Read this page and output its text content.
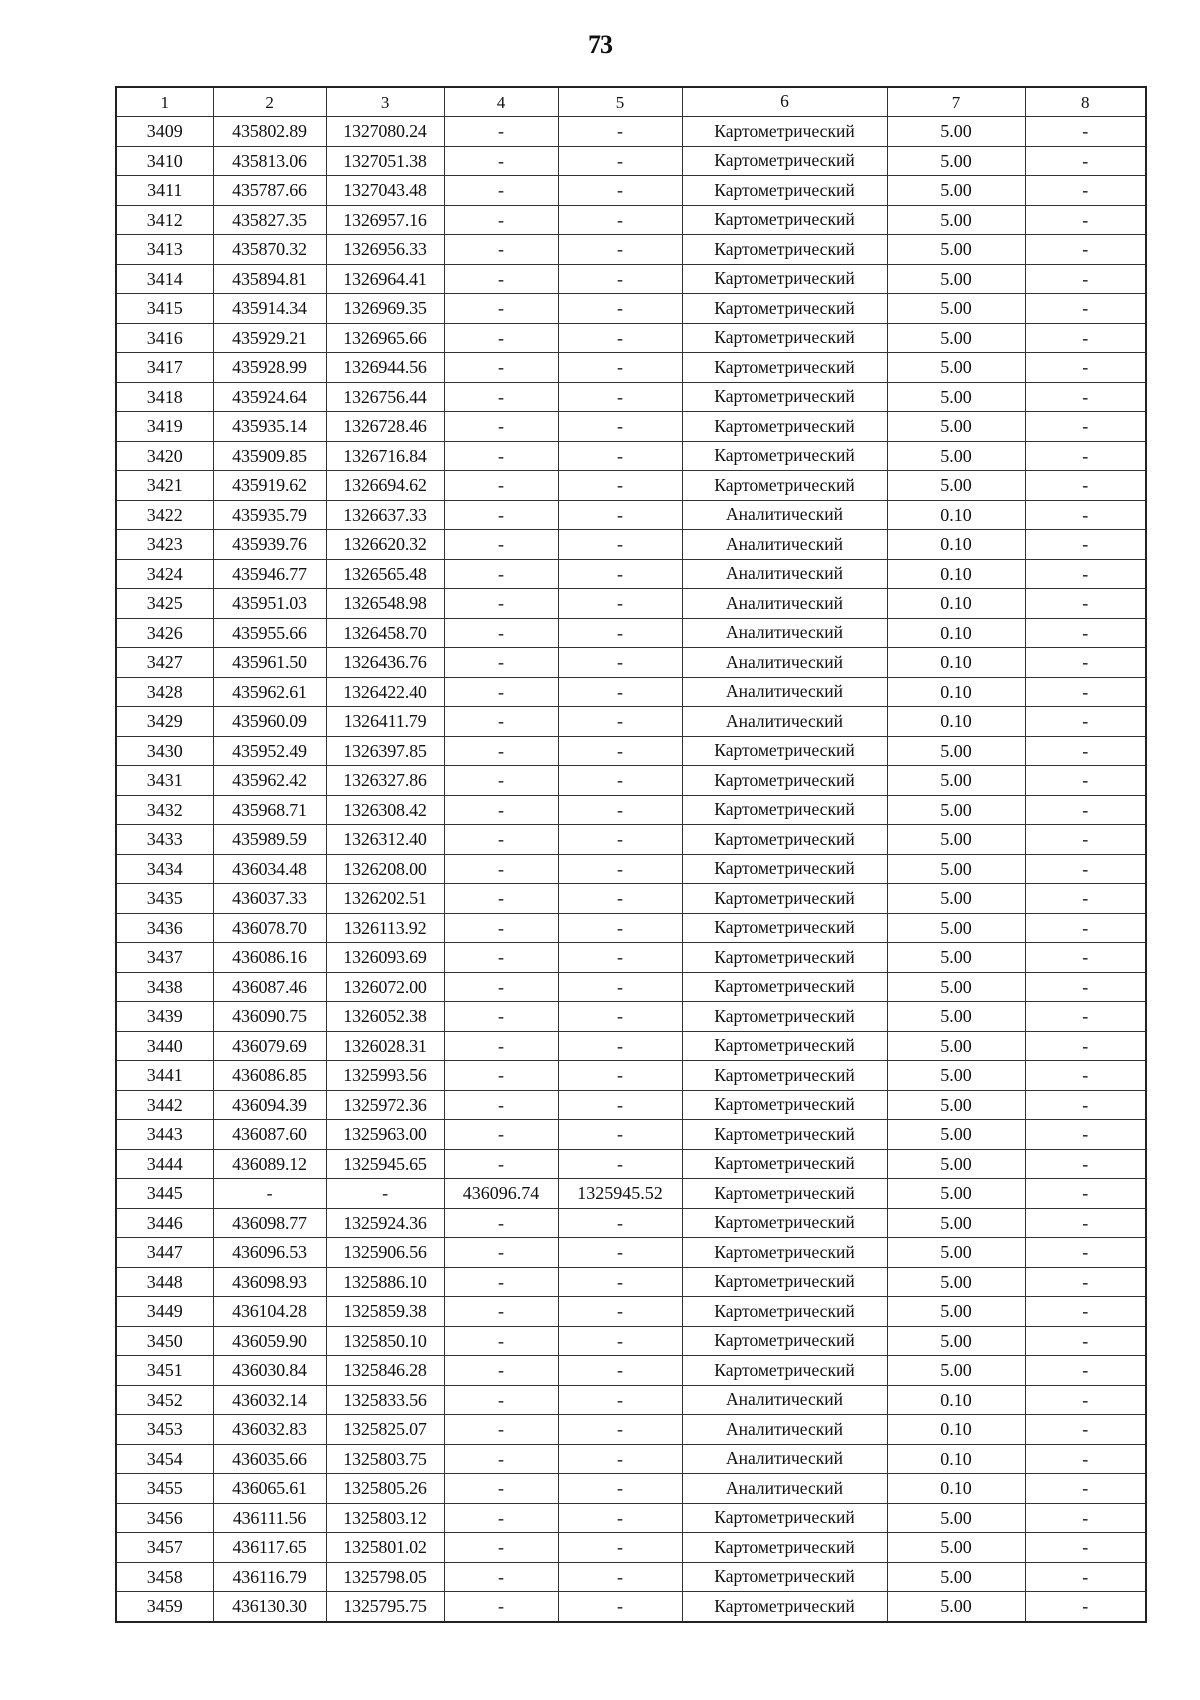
73
1	2	3	4	5	6	7	8
3409	435802.89	1327080.24	-	-	Картометрический	5.00	-
3410	435813.06	1327051.38	-	-	Картометрический	5.00	-
3411	435787.66	1327043.48	-	-	Картометрический	5.00	-
3412	435827.35	1326957.16	-	-	Картометрический	5.00	-
3413	435870.32	1326956.33	-	-	Картометрический	5.00	-
3414	435894.81	1326964.41	-	-	Картометрический	5.00	-
3415	435914.34	1326969.35	-	-	Картометрический	5.00	-
3416	435929.21	1326965.66	-	-	Картометрический	5.00	-
3417	435928.99	1326944.56	-	-	Картометрический	5.00	-
3418	435924.64	1326756.44	-	-	Картометрический	5.00	-
3419	435935.14	1326728.46	-	-	Картометрический	5.00	-
3420	435909.85	1326716.84	-	-	Картометрический	5.00	-
3421	435919.62	1326694.62	-	-	Картометрический	5.00	-
3422	435935.79	1326637.33	-	-	Аналитический	0.10	-
3423	435939.76	1326620.32	-	-	Аналитический	0.10	-
3424	435946.77	1326565.48	-	-	Аналитический	0.10	-
3425	435951.03	1326548.98	-	-	Аналитический	0.10	-
3426	435955.66	1326458.70	-	-	Аналитический	0.10	-
3427	435961.50	1326436.76	-	-	Аналитический	0.10	-
3428	435962.61	1326422.40	-	-	Аналитический	0.10	-
3429	435960.09	1326411.79	-	-	Аналитический	0.10	-
3430	435952.49	1326397.85	-	-	Картометрический	5.00	-
3431	435962.42	1326327.86	-	-	Картометрический	5.00	-
3432	435968.71	1326308.42	-	-	Картометрический	5.00	-
3433	435989.59	1326312.40	-	-	Картометрический	5.00	-
3434	436034.48	1326208.00	-	-	Картометрический	5.00	-
3435	436037.33	1326202.51	-	-	Картометрический	5.00	-
3436	436078.70	1326113.92	-	-	Картометрический	5.00	-
3437	436086.16	1326093.69	-	-	Картометрический	5.00	-
3438	436087.46	1326072.00	-	-	Картометрический	5.00	-
3439	436090.75	1326052.38	-	-	Картометрический	5.00	-
3440	436079.69	1326028.31	-	-	Картометрический	5.00	-
3441	436086.85	1325993.56	-	-	Картометрический	5.00	-
3442	436094.39	1325972.36	-	-	Картометрический	5.00	-
3443	436087.60	1325963.00	-	-	Картометрический	5.00	-
3444	436089.12	1325945.65	-	-	Картометрический	5.00	-
3445	-	-	436096.74	1325945.52	Картометрический	5.00	-
3446	436098.77	1325924.36	-	-	Картометрический	5.00	-
3447	436096.53	1325906.56	-	-	Картометрический	5.00	-
3448	436098.93	1325886.10	-	-	Картометрический	5.00	-
3449	436104.28	1325859.38	-	-	Картометрический	5.00	-
3450	436059.90	1325850.10	-	-	Картометрический	5.00	-
3451	436030.84	1325846.28	-	-	Картометрический	5.00	-
3452	436032.14	1325833.56	-	-	Аналитический	0.10	-
3453	436032.83	1325825.07	-	-	Аналитический	0.10	-
3454	436035.66	1325803.75	-	-	Аналитический	0.10	-
3455	436065.61	1325805.26	-	-	Аналитический	0.10	-
3456	436111.56	1325803.12	-	-	Картометрический	5.00	-
3457	436117.65	1325801.02	-	-	Картометрический	5.00	-
3458	436116.79	1325798.05	-	-	Картометрический	5.00	-
3459	436130.30	1325795.75	-	-	Картометрический	5.00	-
